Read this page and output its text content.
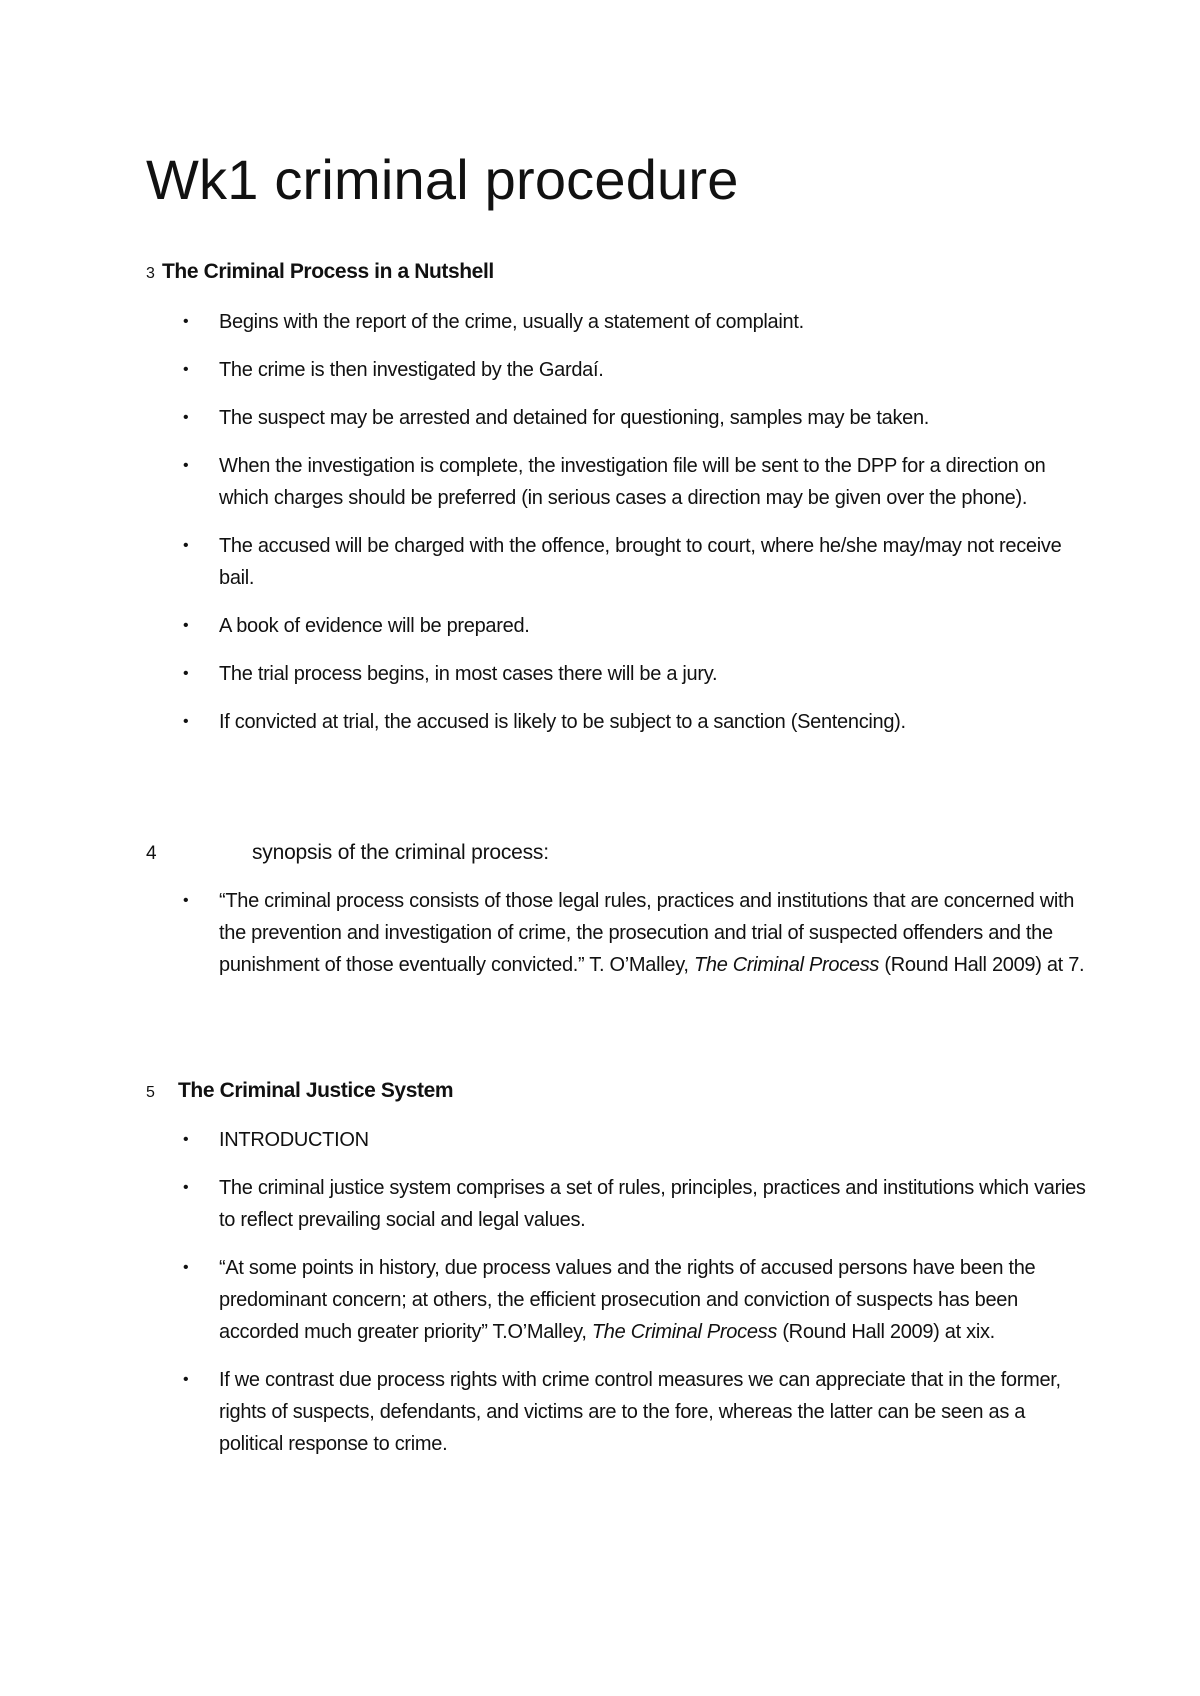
Wk1 criminal procedure
3 The Criminal Process in a Nutshell
• Begins with the report of the crime, usually a statement of complaint.
• The crime is then investigated by the Gardaí.
• The suspect may be arrested and detained for questioning, samples may be taken.
• When the investigation is complete, the investigation file will be sent to the DPP for a direction on which charges should be preferred (in serious cases a direction may be given over the phone).
• The accused will be charged with the offence, brought to court, where he/she may/may not receive bail.
• A book of evidence will be prepared.
• The trial process begins, in most cases there will be a jury.
• If convicted at trial, the accused is likely to be subject to a sanction (Sentencing).
4	synopsis of the criminal process:
• “The criminal process consists of those legal rules, practices and institutions that are concerned with the prevention and investigation of crime, the prosecution and trial of suspected offenders and the punishment of those eventually convicted.” T. O’Malley, The Criminal Process (Round Hall 2009) at 7.
5 The Criminal Justice System
• INTRODUCTION
• The criminal justice system comprises a set of rules, principles, practices and institutions which varies to reflect prevailing social and legal values.
• “At some points in history, due process values and the rights of accused persons have been the predominant concern; at others, the efficient prosecution and conviction of suspects has been accorded much greater priority” T.O’Malley, The Criminal Process (Round Hall 2009) at xix.
• If we contrast due process rights with crime control measures we can appreciate that in the former, rights of suspects, defendants, and victims are to the fore, whereas the latter can be seen as a political response to crime.
